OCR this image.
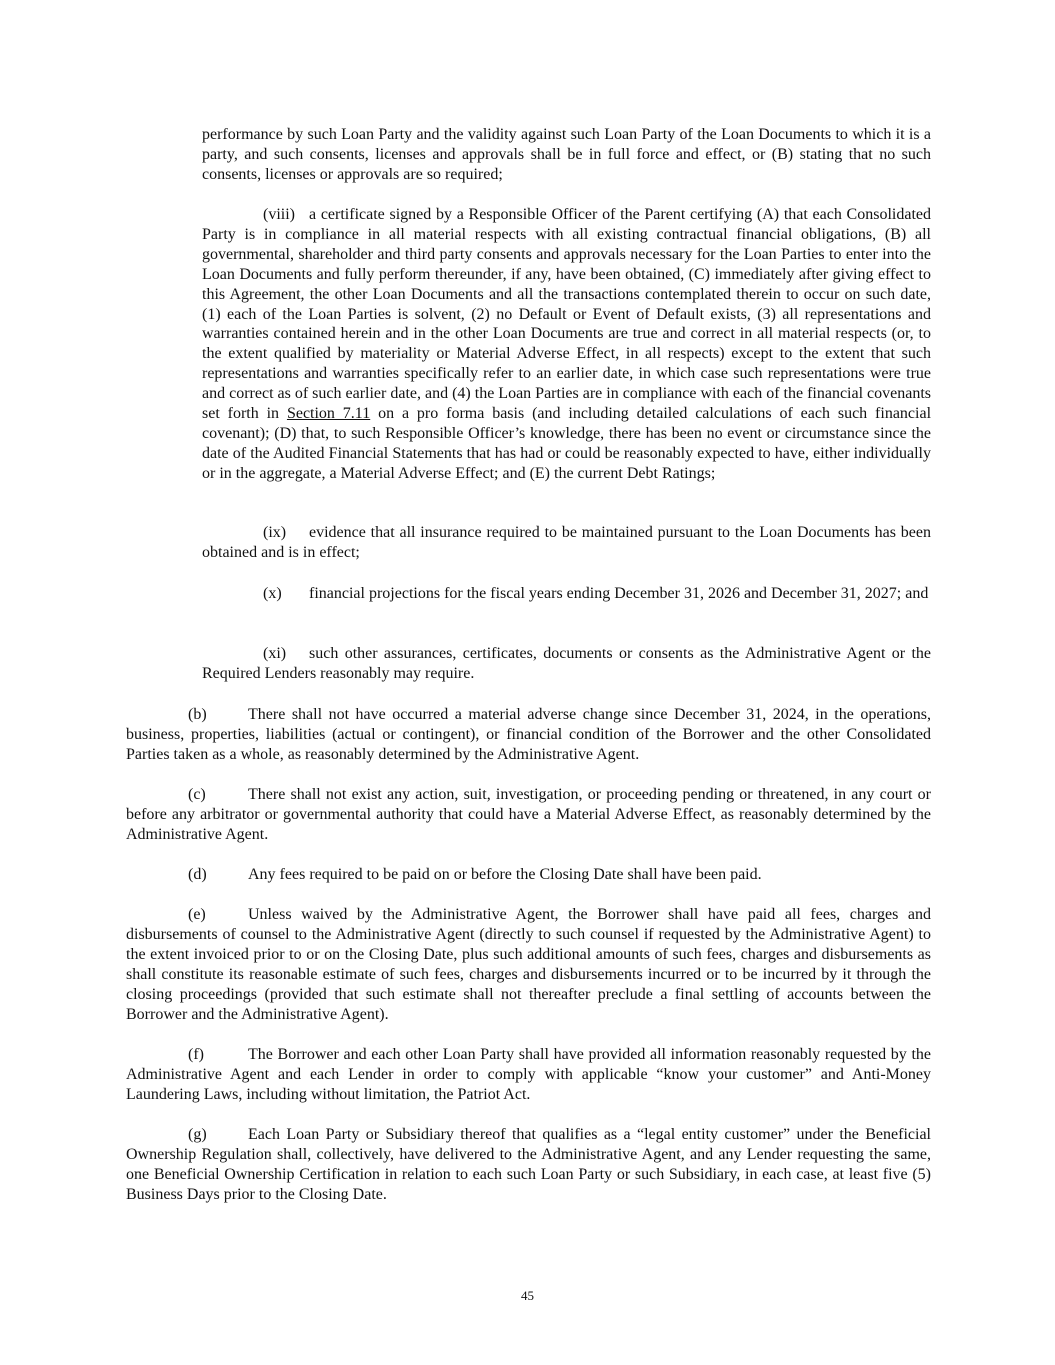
performance by such Loan Party and the validity against such Loan Party of the Loan Documents to which it is a party, and such consents, licenses and approvals shall be in full force and effect, or (B) stating that no such consents, licenses or approvals are so required;

(viii) a certificate signed by a Responsible Officer of the Parent certifying (A) that each Consolidated Party is in compliance in all material respects with all existing contractual financial obligations, (B) all governmental, shareholder and third party consents and approvals necessary for the Loan Parties to enter into the Loan Documents and fully perform thereunder, if any, have been obtained, (C) immediately after giving effect to this Agreement, the other Loan Documents and all the transactions contemplated therein to occur on such date, (1) each of the Loan Parties is solvent, (2) no Default or Event of Default exists, (3) all representations and warranties contained herein and in the other Loan Documents are true and correct in all material respects (or, to the extent qualified by materiality or Material Adverse Effect, in all respects) except to the extent that such representations and warranties specifically refer to an earlier date, in which case such representations were true and correct as of such earlier date, and (4) the Loan Parties are in compliance with each of the financial covenants set forth in Section 7.11 on a pro forma basis (and including detailed calculations of each such financial covenant); (D) that, to such Responsible Officer’s knowledge, there has been no event or circumstance since the date of the Audited Financial Statements that has had or could be reasonably expected to have, either individually or in the aggregate, a Material Adverse Effect; and (E) the current Debt Ratings;

(ix) evidence that all insurance required to be maintained pursuant to the Loan Documents has been obtained and is in effect;

(x) financial projections for the fiscal years ending December 31, 2026 and December 31, 2027; and

(xi) such other assurances, certificates, documents or consents as the Administrative Agent or the Required Lenders reasonably may require.

(b)	There shall not have occurred a material adverse change since December 31, 2024, in the operations, business, properties, liabilities (actual or contingent), or financial condition of the Borrower and the other Consolidated Parties taken as a whole, as reasonably determined by the Administrative Agent.

(c)	There shall not exist any action, suit, investigation, or proceeding pending or threatened, in any court or before any arbitrator or governmental authority that could have a Material Adverse Effect, as reasonably determined by the Administrative Agent.

(d)	Any fees required to be paid on or before the Closing Date shall have been paid.

(e)	Unless waived by the Administrative Agent, the Borrower shall have paid all fees, charges and disbursements of counsel to the Administrative Agent (directly to such counsel if requested by the Administrative Agent) to the extent invoiced prior to or on the Closing Date, plus such additional amounts of such fees, charges and disbursements as shall constitute its reasonable estimate of such fees, charges and disbursements incurred or to be incurred by it through the closing proceedings (provided that such estimate shall not thereafter preclude a final settling of accounts between the Borrower and the Administrative Agent).

(f)	The Borrower and each other Loan Party shall have provided all information reasonably requested by the Administrative Agent and each Lender in order to comply with applicable “know your customer” and Anti-Money Laundering Laws, including without limitation, the Patriot Act.

(g)	Each Loan Party or Subsidiary thereof that qualifies as a “legal entity customer” under the Beneficial Ownership Regulation shall, collectively, have delivered to the Administrative Agent, and any Lender requesting the same, one Beneficial Ownership Certification in relation to each such Loan Party or such Subsidiary, in each case, at least five (5) Business Days prior to the Closing Date.

45
